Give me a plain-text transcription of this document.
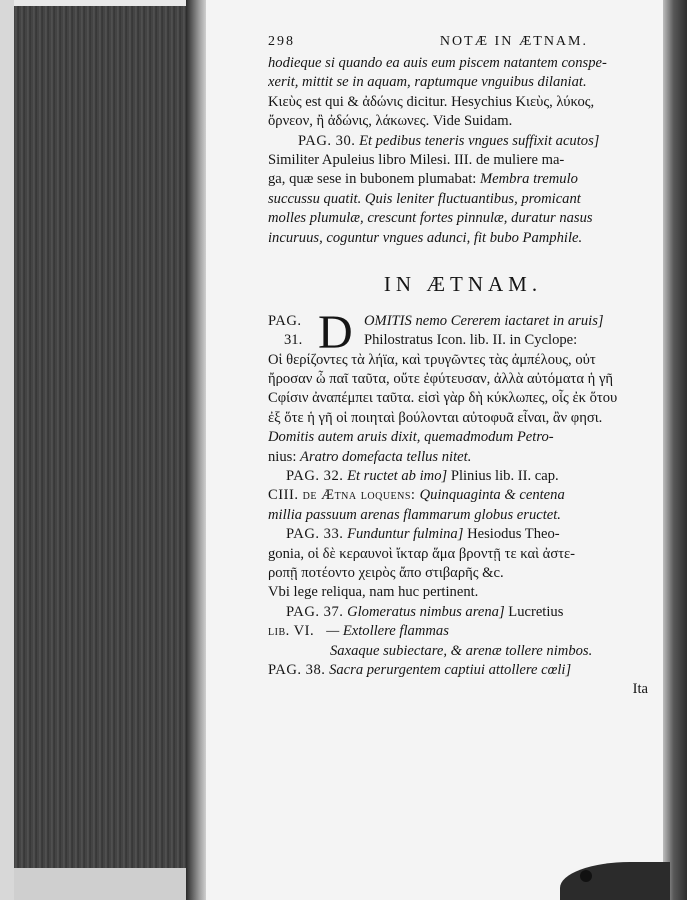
298	NOTÆ IN ÆTNAM.
hodieque si quando ea auis eum piscem natantem conspe-
xerit, mittit se in aquam, raptumque vnguibus dilaniat.
Κιεὺς est qui & ἀδώνις dicitur. Hesychius Κιεὺς, λύκος,
ὄρνεον, ἢ ἀδώνις, λάκωνες. Vide Suidam.
PAG. 30. Et pedibus teneris vngues suffixit acutos]
Similiter Apuleius libro Milesi. III. de muliere ma-
ga, quæ sese in bubonem plumabat: Membra tremulo
succussu quatit. Quis leniter fluctuantibus, promicant
molles plumulæ, crescunt fortes pinnulæ, duratur nasus
incuruus, coguntur vngues adunci, fit bubo Pamphile.
IN ÆTNAM.
D
PAG.	OMITIS nemo Cererem iactaret in aruis]
31.	Philostratus Icon. lib. II. in Cyclope:
Οἱ θερίζοντες τὰ λήϊα, καὶ τρυγῶντες τὰς ἀμπέλους, οὐτ
ἤροσαν ὦ παῖ ταῦτα, οὔτε ἐφύτευσαν, ἀλλὰ αὐτόματα ἡ γῆ
Cφίσιν ἀναπέμπει ταῦτα. εἰσὶ γὰρ δὴ κύκλωπες, οἷς ἐκ ὅτου
ἐξ ὅτε ἡ γῆ οἱ ποιηταὶ βούλονται αὐτοφυᾶ εἶναι, ἂν φησι.
Domitis autem aruis dixit, quemadmodum Petro-
nius: Aratro domefacta tellus nitet.
PAG. 32. Et ructet ab imo] Plinius lib. II. cap.
CIII. de Ætna loquens: Quinquaginta & centena
millia passuum arenas flammarum globus eructet.
PAG. 33. Funduntur fulmina] Hesiodus Theo-
gonia, οἱ δὲ κεραυνοὶ ἴκταρ ἅμα βροντῇ τε καὶ ἀστε-
ροπῇ ποτέοντο χειρὸς ἄπο στιβαρῆς &c.
Vbi lege reliqua, nam huc pertinent.
PAG. 37. Glomeratus nimbus arena] Lucretius
lib. VI. — Extollere flammas
Saxaque subiectare, & arenæ tollere nimbos.
PAG. 38. Sacra perurgentem captiui attollere cœli]
Ita
